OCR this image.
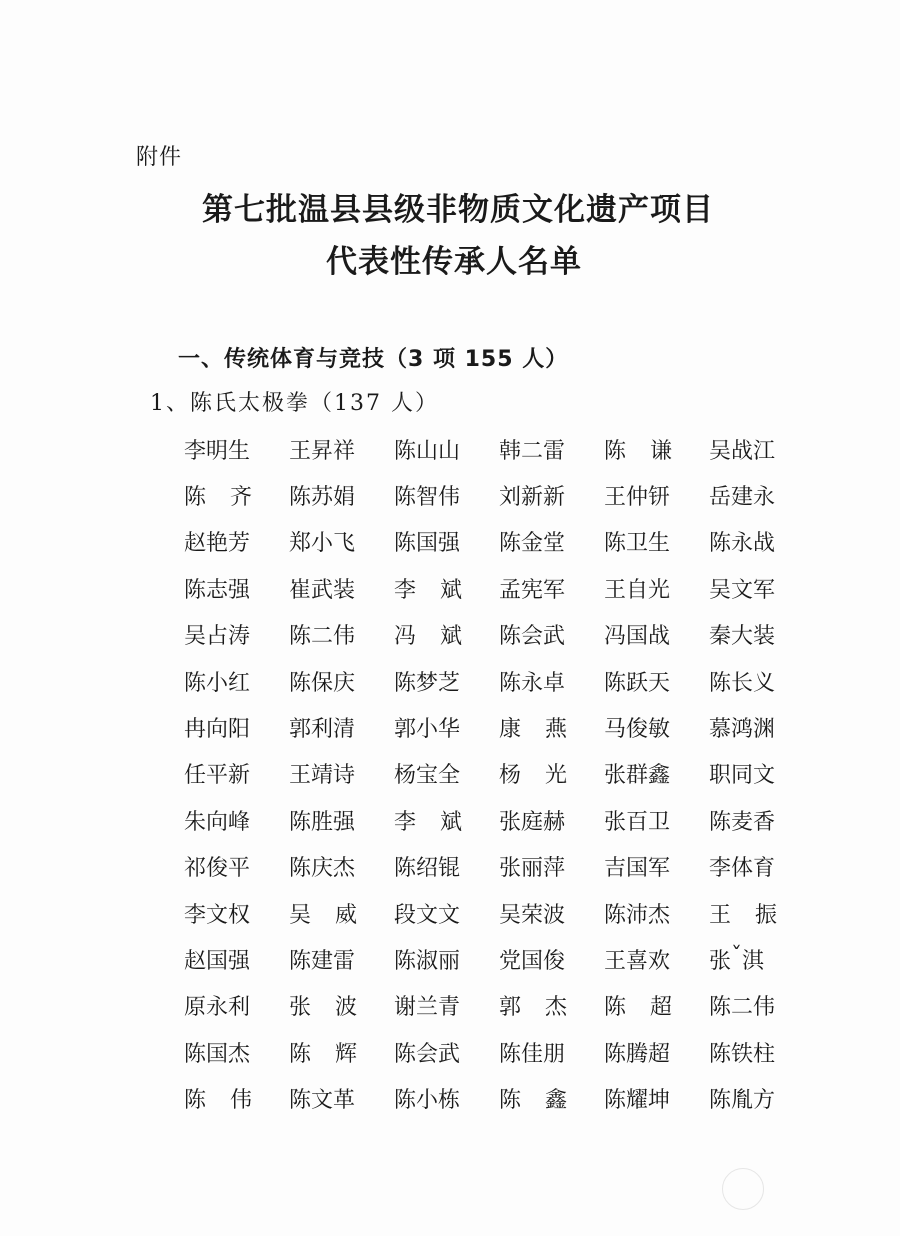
附件
第七批温县县级非物质文化遗产项目
代表性传承人名单
一、传统体育与竞技（3 项 155 人）
1、陈氏太极拳（137 人）
李 明 生 王 昇 祥 陈 山 山 韩 二 雷 陈 谦 吴 战 江
陈 齐 陈 苏 娟 陈 智 伟 刘 新 新 王 仲 钘 岳 建 永
赵 艳 芳 郑 小 飞 陈 国 强 陈 金 堂 陈 卫 生 陈 永 战
陈 志 强 崔 武 装 李 斌 孟 宪 军 王 自 光 吴 文 军
吴 占 涛 陈 二 伟 冯 斌 陈 会 武 冯 国 战 秦 大 装
陈 小 红 陈 保 庆 陈 梦 芝 陈 永 卓 陈 跃 天 陈 长 义
冉 向 阳 郭 利 清 郭 小 华 康 燕 马 俊 敏 慕 鸿 渊
任 平 新 王 靖 诗 杨 宝 全 杨 光 张 群 鑫 职 同 文
朱 向 峰 陈 胜 强 李 斌 张 庭 赫 张 百 卫 陈 麦 香
祁 俊 平 陈 庆 杰 陈 绍 锟 张 丽 萍 吉 国 军 李 体 育
李 文 权 吴 威 段 文 文 吴 荣 波 陈 沛 杰 王 振
赵 国 强 陈 建 雷 陈 淑 丽 党 国 俊 王 喜 欢 张 ˇ 淇
原 永 利 张 波 谢 兰 青 郭 杰 陈 超 陈 二 伟
陈 国 杰 陈 辉 陈 会 武 陈 佳 朋 陈 腾 超 陈 铁 柱
陈 伟 陈 文 革 陈 小 栋 陈 鑫 陈 耀 坤 陈 胤 方
